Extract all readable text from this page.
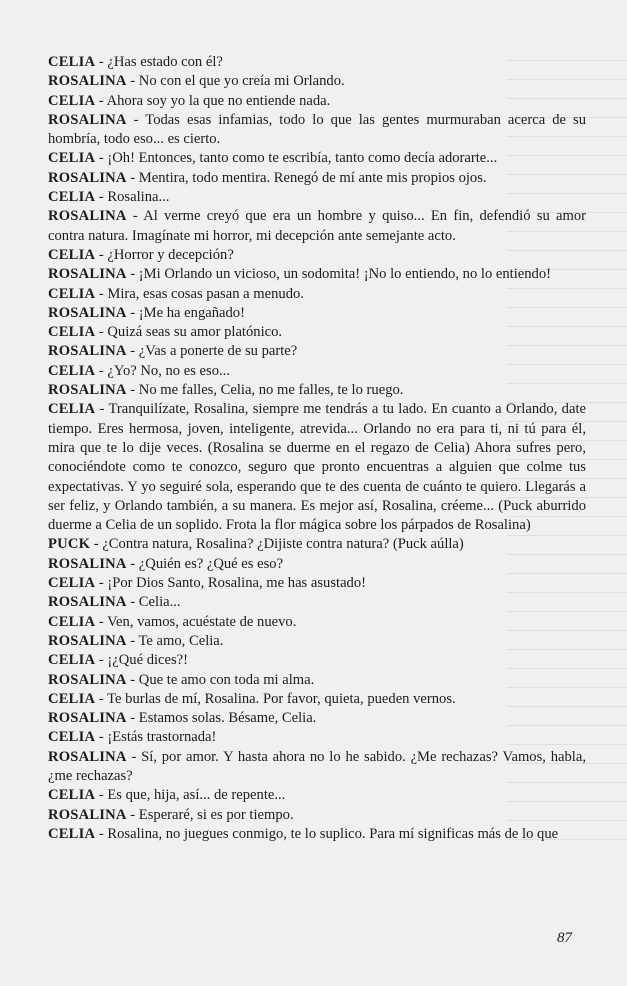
CELIA - ¿Has estado con él?

ROSALINA - No con el que yo creía mi Orlando.

CELIA - Ahora soy yo la que no entiende nada.

ROSALINA - Todas esas infamias, todo lo que las gentes murmuraban acerca de su hombría, todo eso... es cierto.

CELIA - ¡Oh! Entonces, tanto como te escribía, tanto como decía adorarte...

ROSALINA - Mentira, todo mentira. Renegó de mí ante mis propios ojos.

CELIA - Rosalina...

ROSALINA - Al verme creyó que era un hombre y quiso... En fin, defendió su amor contra natura. Imagínate mi horror, mi decepción ante semejante acto.

CELIA - ¿Horror y decepción?

ROSALINA - ¡Mi Orlando un vicioso, un sodomita! ¡No lo entiendo, no lo entiendo!

CELIA - Mira, esas cosas pasan a menudo.

ROSALINA - ¡Me ha engañado!

CELIA - Quizá seas su amor platónico.

ROSALINA - ¿Vas a ponerte de su parte?

CELIA - ¿Yo? No, no es eso...

ROSALINA - No me falles, Celia, no me falles, te lo ruego.

CELIA - Tranquilízate, Rosalina, siempre me tendrás a tu lado. En cuanto a Orlando, date tiempo. Eres hermosa, joven, inteligente, atrevida... Orlando no era para ti, ni tú para él, mira que te lo dije veces. (Rosalina se duerme en el regazo de Celia) Ahora sufres pero, conociéndote como te conozco, seguro que pronto encuentras a alguien que colme tus expectativas. Y yo seguiré sola, esperando que te des cuenta de cuánto te quiero. Llegarás a ser feliz, y Orlando también, a su manera. Es mejor así, Rosalina, créeme... (Puck aburrido duerme a Celia de un soplido. Frota la flor mágica sobre los párpados de Rosalina)

PUCK - ¿Contra natura, Rosalina? ¿Dijiste contra natura? (Puck aúlla)

ROSALINA - ¿Quién es? ¿Qué es eso?

CELIA - ¡Por Dios Santo, Rosalina, me has asustado!

ROSALINA - Celia...

CELIA - Ven, vamos, acuéstate de nuevo.

ROSALINA - Te amo, Celia.

CELIA - ¡¿Qué dices?!

ROSALINA - Que te amo con toda mi alma.

CELIA - Te burlas de mí, Rosalina. Por favor, quieta, pueden vernos.

ROSALINA - Estamos solas. Bésame, Celia.

CELIA - ¡Estás trastornada!

ROSALINA - Sí, por amor. Y hasta ahora no lo he sabido. ¿Me rechazas? Vamos, habla, ¿me rechazas?

CELIA - Es que, hija, así... de repente...

ROSALINA - Esperaré, si es por tiempo.

CELIA - Rosalina, no juegues conmigo, te lo suplico. Para mí significas más de lo que

87
